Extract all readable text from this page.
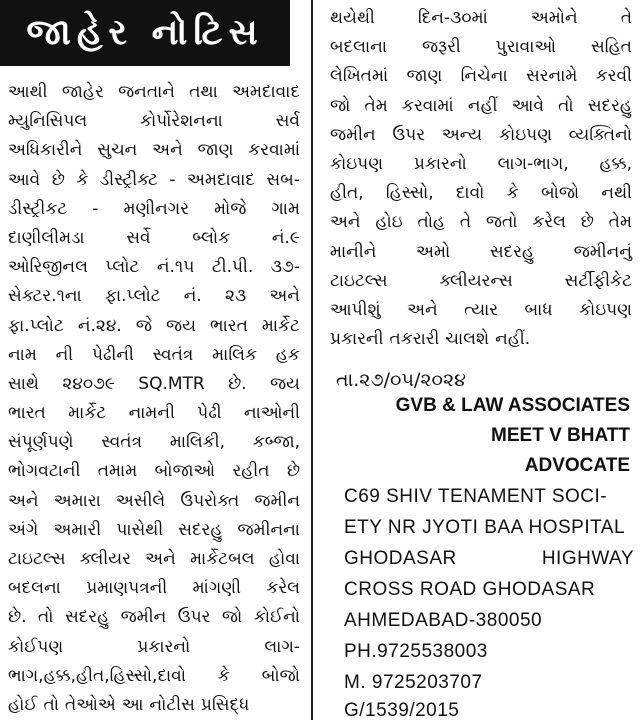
જાહેર નોટિસ
આથી જાહેર જનતાને તથા અમદાવાદ
મ્યુનિસિપલ	કોર્પોરેશનના	સર્વ
અધિકારીને સુચન અને જાણ કરવામાં
આવે છે કે ડીસ્ટ્રીક્ટ - અમદાવાદ સબ-
ડીસ્ટ્રીકટ - મણીનગર મોજે ગામ
દાણીલીમડા સર્વે બ્લોક નં.૯
ઓરિજીનલ પ્લોટ નં.૧૫ ટી.પી. ૩૭-
સેક્ટર.૧ના ફા.પ્લોટ નં. ૨૩ અને
ફા.પ્લોટ નં.૨૪. જે જય ભારત માર્કેટ
નામ ની પેઢીની સ્વતંત્ર માલિક હક
સાથે ૨૪૦૭૯ SQ.MTR છે. જય
ભારત માર્કેટ નામની પેઢી નાઓની
સંપૂર્ણપણે સ્વતંત્ર માલિકી, કબ્જા,
ભોગવટાની તમામ બોજાઓ રહીત છે
અને અમારા અસીલે ઉપરોક્ત જમીન
અંગે અમારી પાસેથી સદરહુ જમીનના
ટાઇટલ્સ ક્લીયર અને માર્કેટબલ હોવા
બદલના પ્રમાણપત્રની માંગણી કરેલ
છે. તો સદરહુ જમીન ઉપર જો કોઈનો
કોઈપણ	પ્રકારનો	લાગ-
ભાગ,હક્ક,હીત,હિસ્સો,દાવો કે બોજો
હોઈ તો તેઓએ આ નોટીસ પ્રસિદ્ધ
થયેથી	દિન-૩૦માં	અમોને	તે
બદલાના જરૂરી પુરાવાઓ સહિત
લેખિતમાં જાણ નિચેના સરનામે કરવી
જો તેમ કરવામાં નહીં આવે તો સદરહુ
જમીન ઉપર અન્ય કોઇપણ વ્યક્તિનો
કોઇપણ પ્રકારનો લાગ-ભાગ, હક્ક,
હીત, હિસ્સો, દાવો કે બોજો નથી
અને હોઇ તોહ તે જતો કરેલ છે તેમ
માનીને અમો સદરહુ જમીનનું
ટાઇટલ્સ	ક્લીયરન્સ	સર્ટીફીકેટ
આપીશું અને ત્યાર બાધ કોઇપણ
પ્રકારની તકરારી ચાલશે નહીં.
તા.૨૭/૦૫/૨૦૨૪
GVB & LAW ASSOCIATES
MEET V BHATT
ADVOCATE
C69 SHIV TENAMENT SOCI-
ETY NR JYOTI BAA HOSPITAL
GHODASAR	HIGHWAY
CROSS ROAD GHODASAR
AHMEDABAD-380050
PH.9725538003
M. 9725203707
G/1539/2015
